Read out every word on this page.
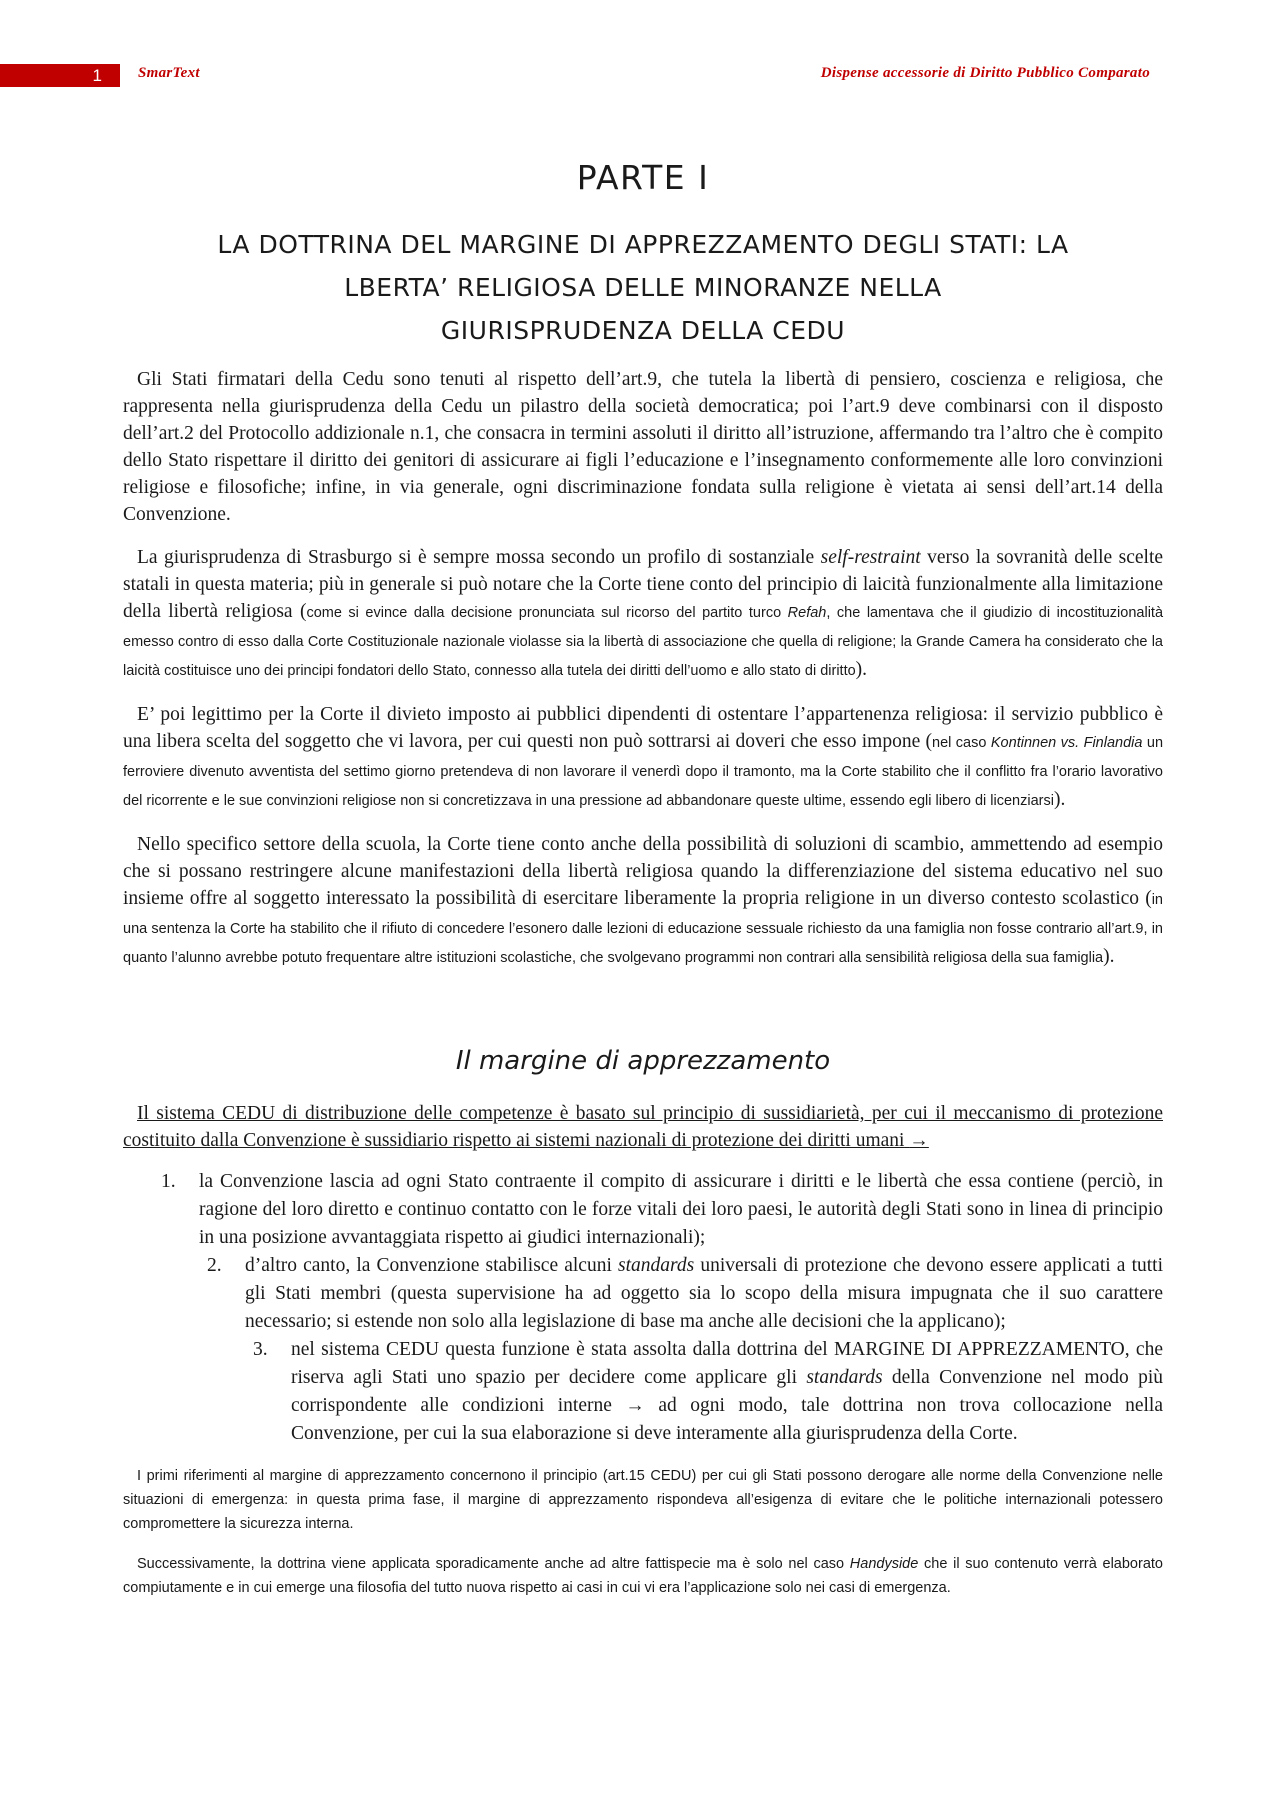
1	SmarText	Dispense accessorie di Diritto Pubblico Comparato
PARTE I
LA DOTTRINA DEL MARGINE DI APPREZZAMENTO DEGLI STATI: LA
LBERTA’ RELIGIOSA DELLE MINORANZE NELLA
GIURISPRUDENZA DELLA CEDU

Gli Stati firmatari della Cedu sono tenuti al rispetto dell’art.9, che tutela la libertà di pensiero, coscienza e religiosa, che rappresenta nella giurisprudenza della Cedu un pilastro della società democratica; poi l’art.9 deve combinarsi con il disposto dell’art.2 del Protocollo addizionale n.1, che consacra in termini assoluti il diritto all’istruzione, affermando tra l’altro che è compito dello Stato rispettare il diritto dei genitori di assicurare ai figli l’educazione e l’insegnamento conformemente alle loro convinzioni religiose e filosofiche; infine, in via generale, ogni discriminazione fondata sulla religione è vietata ai sensi dell’art.14 della Convenzione.

La giurisprudenza di Strasburgo si è sempre mossa secondo un profilo di sostanziale self-restraint verso la sovranità delle scelte statali in questa materia; più in generale si può notare che la Corte tiene conto del principio di laicità funzionalmente alla limitazione della libertà religiosa (come si evince dalla decisione pronunciata sul ricorso del partito turco Refah, che lamentava che il giudizio di incostituzionalità emesso contro di esso dalla Corte Costituzionale nazionale violasse sia la libertà di associazione che quella di religione; la Grande Camera ha considerato che la laicità costituisce uno dei principi fondatori dello Stato, connesso alla tutela dei diritti dell’uomo e allo stato di diritto).

E’ poi legittimo per la Corte il divieto imposto ai pubblici dipendenti di ostentare l’appartenenza religiosa: il servizio pubblico è una libera scelta del soggetto che vi lavora, per cui questi non può sottrarsi ai doveri che esso impone (nel caso Kontinnen vs. Finlandia un ferroviere divenuto avventista del settimo giorno pretendeva di non lavorare il venerdì dopo il tramonto, ma la Corte stabilito che il conflitto fra l’orario lavorativo del ricorrente e le sue convinzioni religiose non si concretizzava in una pressione ad abbandonare queste ultime, essendo egli libero di licenziarsi).

Nello specifico settore della scuola, la Corte tiene conto anche della possibilità di soluzioni di scambio, ammettendo ad esempio che si possano restringere alcune manifestazioni della libertà religiosa quando la differenziazione del sistema educativo nel suo insieme offre al soggetto interessato la possibilità di esercitare liberamente la propria religione in un diverso contesto scolastico (in una sentenza la Corte ha stabilito che il rifiuto di concedere l’esonero dalle lezioni di educazione sessuale richiesto da una famiglia non fosse contrario all’art.9, in quanto l’alunno avrebbe potuto frequentare altre istituzioni scolastiche, che svolgevano programmi non contrari alla sensibilità religiosa della sua famiglia).

Il margine di apprezzamento

Il sistema CEDU di distribuzione delle competenze è basato sul principio di sussidiarietà, per cui il meccanismo di protezione costituito dalla Convenzione è sussidiario rispetto ai sistemi nazionali di protezione dei diritti umani →

1.	la Convenzione lascia ad ogni Stato contraente il compito di assicurare i diritti e le libertà che essa contiene (perciò, in ragione del loro diretto e continuo contatto con le forze vitali dei loro paesi, le autorità degli Stati sono in linea di principio in una posizione avvantaggiata rispetto ai giudici internazionali);
2.	d’altro canto, la Convenzione stabilisce alcuni standards universali di protezione che devono essere applicati a tutti gli Stati membri (questa supervisione ha ad oggetto sia lo scopo della misura impugnata che il suo carattere necessario; si estende non solo alla legislazione di base ma anche alle decisioni che la applicano);
3.	nel sistema CEDU questa funzione è stata assolta dalla dottrina del MARGINE DI APPREZZAMENTO, che riserva agli Stati uno spazio per decidere come applicare gli standards della Convenzione nel modo più corrispondente alle condizioni interne → ad ogni modo, tale dottrina non trova collocazione nella Convenzione, per cui la sua elaborazione si deve interamente alla giurisprudenza della Corte.

I primi riferimenti al margine di apprezzamento concernono il principio (art.15 CEDU) per cui gli Stati possono derogare alle norme della Convenzione nelle situazioni di emergenza: in questa prima fase, il margine di apprezzamento rispondeva all’esigenza di evitare che le politiche internazionali potessero compromettere la sicurezza interna.

Successivamente, la dottrina viene applicata sporadicamente anche ad altre fattispecie ma è solo nel caso Handyside che il suo contenuto verrà elaborato compiutamente e in cui emerge una filosofia del tutto nuova rispetto ai casi in cui vi era l’applicazione solo nei casi di emergenza.
